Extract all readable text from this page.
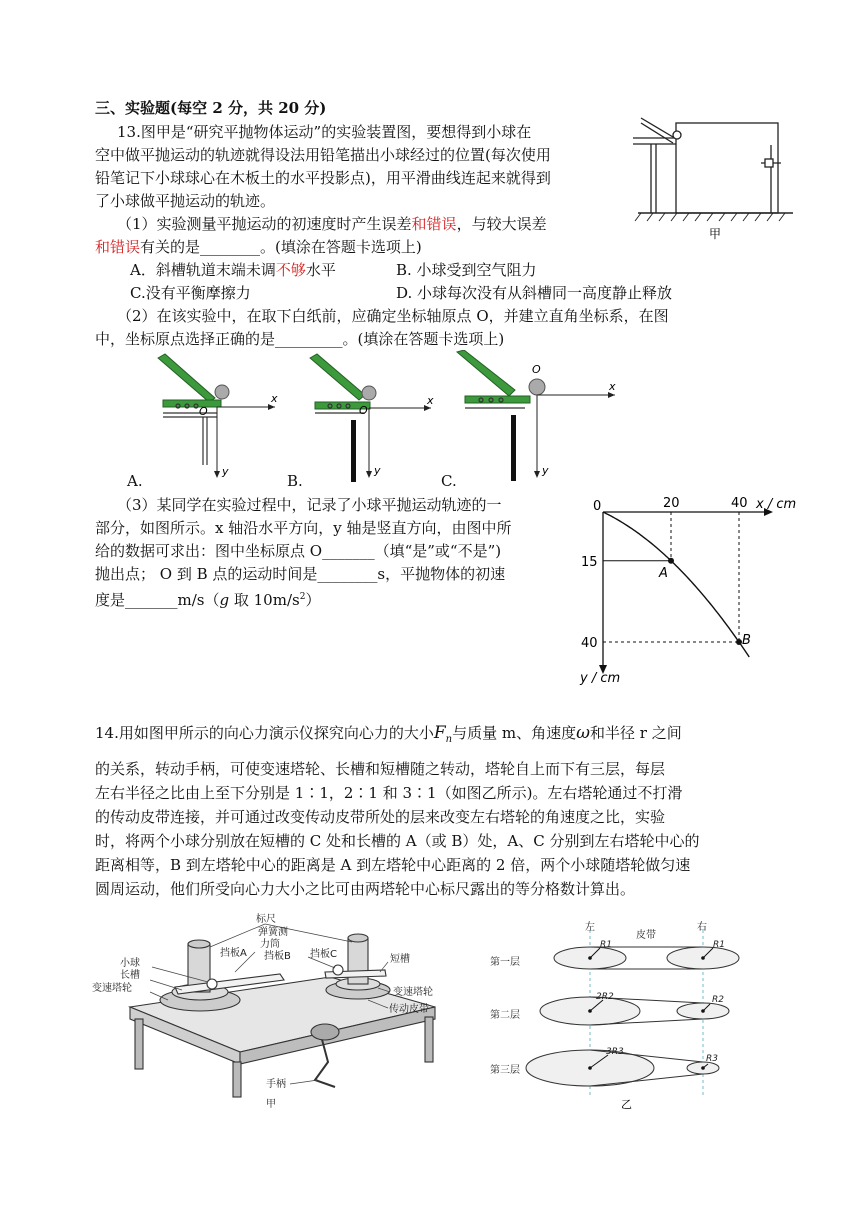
三、实验题(每空 2 分，共 20 分)
13.图甲是“研究平抛物体运动”的实验装置图，要想得到小球在
空中做平抛运动的轨迹就得设法用铅笔描出小球经过的位置(每次使用
铅笔记下小球球心在木板土的水平投影点)，用平滑曲线连起来就得到
了小球做平抛运动的轨迹。
甲
（1）实验测量平抛运动的初速度时产生误差和错误，与较大误差
和错误有关的是________。(填涂在答题卡选项上)
A．斜槽轨道末端未调不够水平	B. 小球受到空气阻力
C.没有平衡摩擦力	D. 小球每次没有从斜槽同一高度静止释放
（2）在该实验中，在取下白纸前，应确定坐标轴原点 O，并建立直角坐标系，在图
中，坐标原点选择正确的是_________。(填涂在答题卡选项上)
O
x
y
O
x
y
O
x
y
A.	B.	C.
（3）某同学在实验过程中，记录了小球平抛运动轨迹的一
部分，如图所示。x 轴沿水平方向，y 轴是竖直方向，由图中所
给的数据可求出：图中坐标原点 O_______（填“是”或“不是”)
抛出点； O 到 B 点的运动时间是________s，平抛物体的初速
度是_______m/s（g 取 $10m/s^2$）
0	x / cm
y / cm
A
B
20	40
15
40
14.用如图甲所示的向心力演示仪探究向心力的大小$F_n$与质量 m、角速度ω和半径 r 之间
的关系，转动手柄，可使变速塔轮、长槽和短槽随之转动，塔轮自上而下有三层，每层
左右半径之比由上至下分别是 1∶1，2∶1 和 3∶1（如图乙所示)。左右塔轮通过不打滑
的传动皮带连接，并可通过改变传动皮带所处的层来改变左右塔轮的角速度之比，实验
时，将两个小球分别放在短槽的 C 处和长槽的 A（或 B）处，A、C 分别到左右塔轮中心的
距离相等，B 到左塔轮中心的距离是 A 到左塔轮中心距离的 2 倍，两个小球随塔轮做匀速
圆周运动，他们所受向心力大小之比可由两塔轮中心标尺露出的等分格数计算出。
标尺
弹簧测
力筒
挡板A 挡板B 挡板C
小球
长槽
变速塔轮
短槽
变速塔轮
传动皮带
手柄
甲
左	右
皮带
第一层
第二层
第三层
R1	R1
2R2	R2
3R3
R3
乙
